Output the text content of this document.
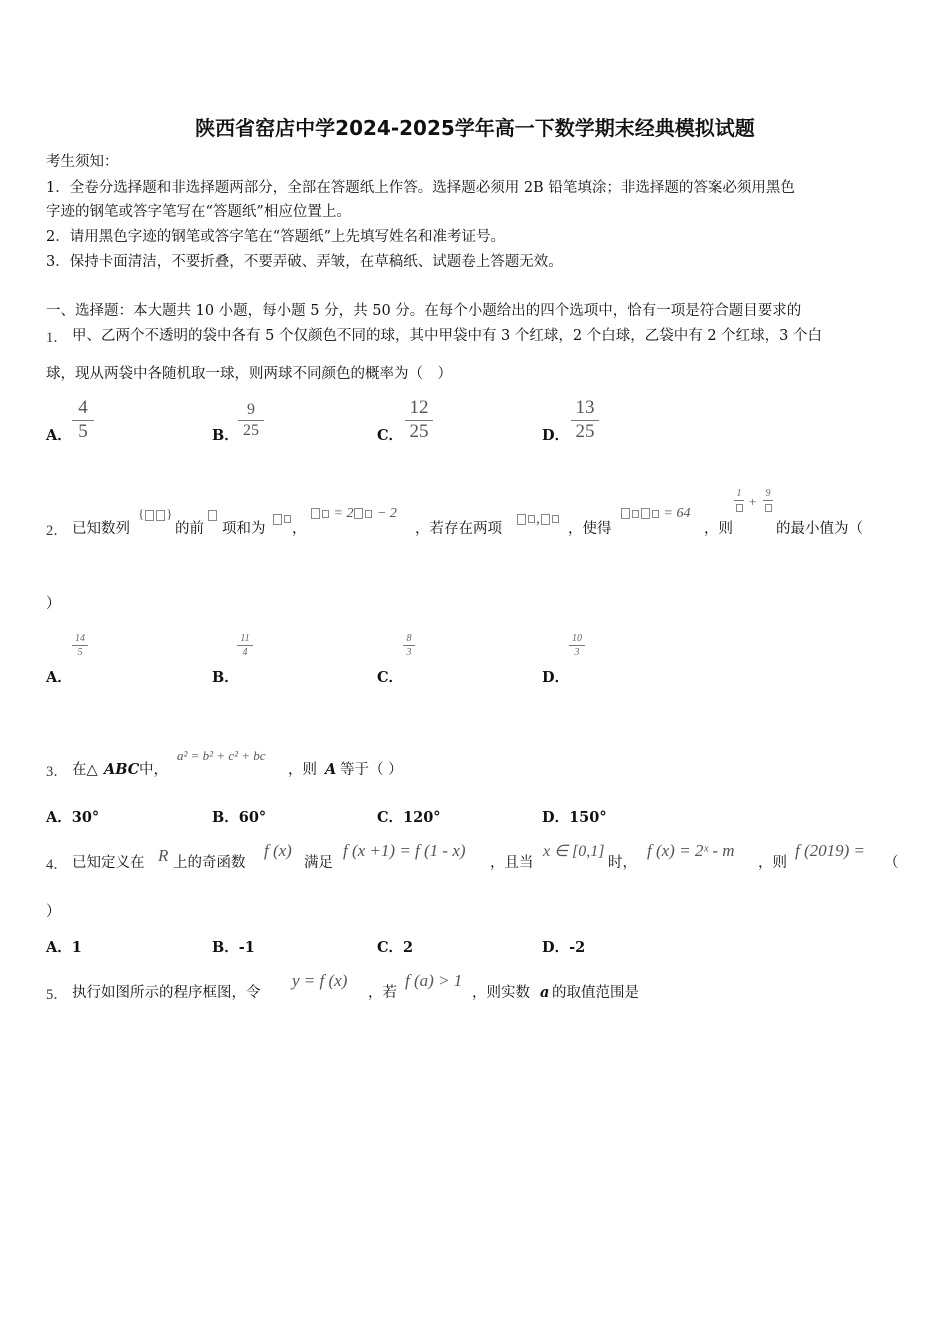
陕西省窑店中学2024-2025学年高一下数学期末经典模拟试题
考生须知：
1．全卷分选择题和非选择题两部分，全部在答题纸上作答。选择题必须用 2B 铅笔填涂；非选择题的答案必须用黑色
字迹的钢笔或答字笔写在“答题纸”相应位置上。
2．请用黑色字迹的钢笔或答字笔在“答题纸”上先填写姓名和准考证号。
3．保持卡面清洁，不要折叠，不要弄破、弄皱，在草稿纸、试题卷上答题无效。
一、选择题：本大题共 10 小题，每小题 5 分，共 50 分。在每个小题给出的四个选项中，恰有一项是符合题目要求的
1． 甲、乙两个不透明的袋中各有 5 个仅颜色不同的球，其中甲袋中有 3 个红球，2 个白球，乙袋中有 2 个红球，3 个白
球，现从两袋中各随机取一球，则两球不同颜色的概率为（　）
A．
4
5	B．
9
25	C．
12
25	D．
13
25
2． 已知数列
{ }
的前 项和为 ，
= 2 − 2
，若存在两项
,
，使得
= 64
，则
1
+
9
的最小值为（
）
A．
14
5
B．
11
4
C．
8
3
D．
10
3
3． 在△ ABC 中，
a² = b² + c² + bc
，则 A 等于（ ）
A．30°	B．60°	C．120°	D．150°
4． 已知定义在 R 上的奇函数
f (x)
满足
f (x +1) = f (1 - x)
，且当
x ∈ [0,1]
时，
f (x) = 2ˣ - m
，则
f (2019) =
（
）
A．1	B．-1	C．2	D．-2
5． 执行如图所示的程序框图，令
y = f (x)
，若
f (a) > 1
，则实数 a 的取值范围是
